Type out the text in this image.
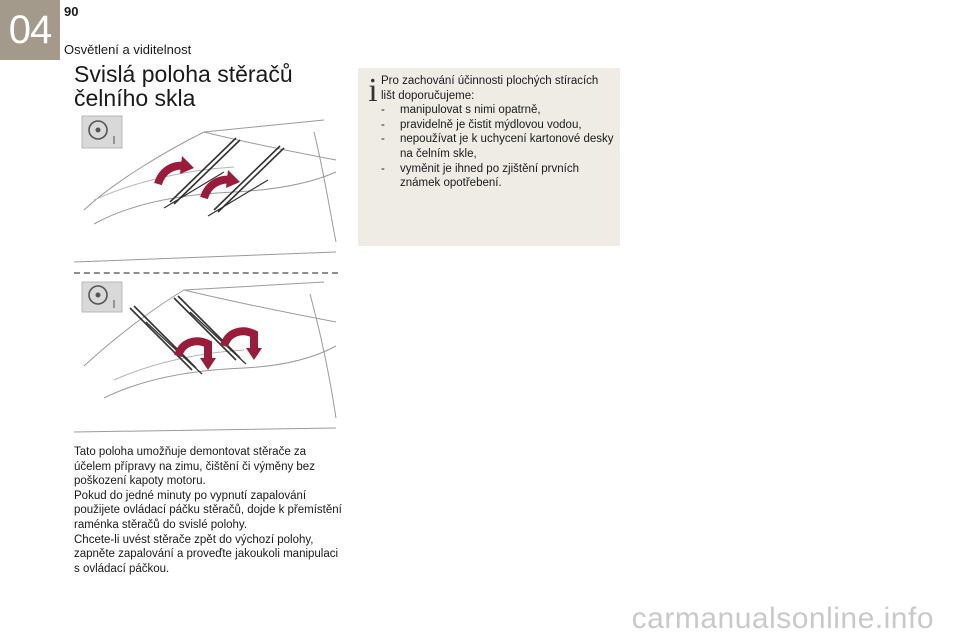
04 90
Osvětlení a viditelnost
Svislá poloha stěračů čelního skla

Tato poloha umožňuje demontovat stěrače za účelem přípravy na zimu, čištění či výměny bez poškození kapoty motoru.

Pokud do jedné minuty po vypnutí zapalování použijete ovládací páčku stěračů, dojde k přemístění raménka stěračů do svislé polohy.

Chcete-li uvést stěrače zpět do výchozí polohy, zapněte zapalování a proveďte jakoukoli manipulaci s ovládací páčkou.

i Pro zachování účinnosti plochých stíracích lišt doporučujeme:
- manipulovat s nimi opatrně,
- pravidelně je čistit mýdlovou vodou,
- nepoužívat je k uchycení kartonové desky na čelním skle,
- vyměnit je ihned po zjištění prvních známek opotřebení.
carmanualsonline.info
